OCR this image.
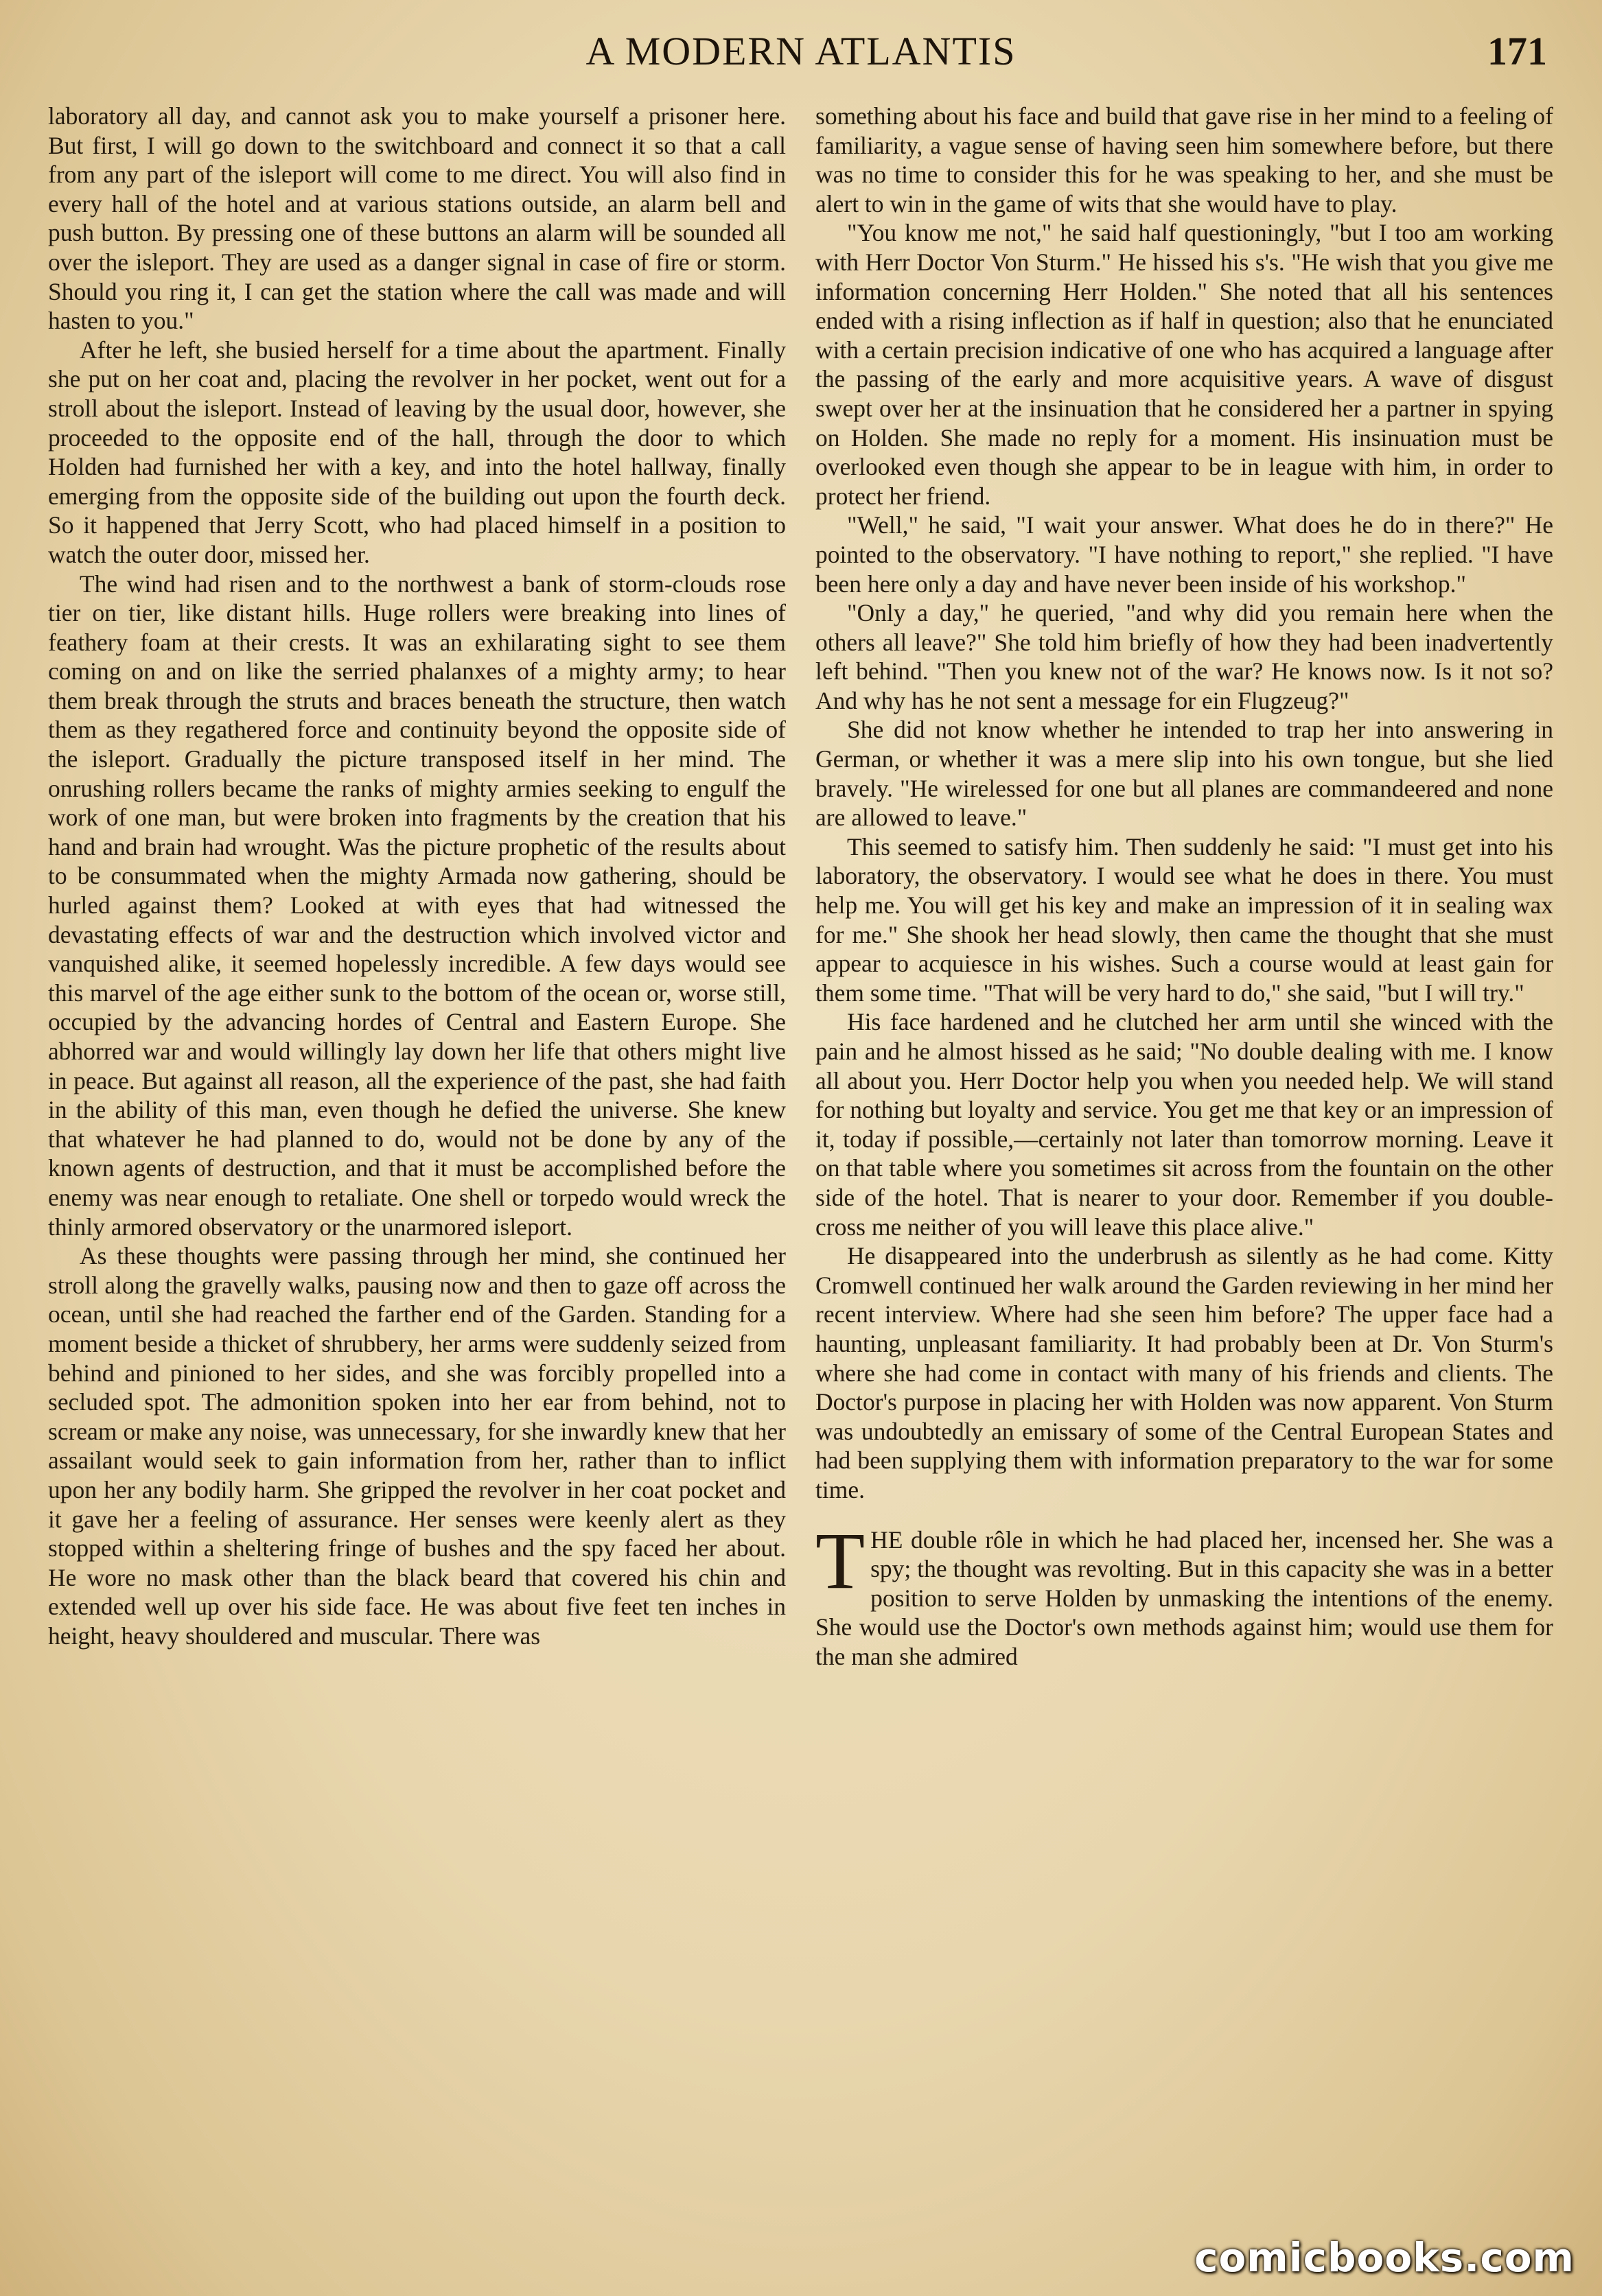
A MODERN ATLANTIS	171

laboratory all day, and cannot ask you to make yourself a prisoner here. But first, I will go down to the switchboard and connect it so that a call from any part of the isleport will come to me direct. You will also find in every hall of the hotel and at various stations outside, an alarm bell and push button. By pressing one of these buttons an alarm will be sounded all over the isleport. They are used as a danger signal in case of fire or storm. Should you ring it, I can get the station where the call was made and will hasten to you."

After he left, she busied herself for a time about the apartment. Finally she put on her coat and, placing the revolver in her pocket, went out for a stroll about the isleport. Instead of leaving by the usual door, however, she proceeded to the opposite end of the hall, through the door to which Holden had furnished her with a key, and into the hotel hallway, finally emerging from the opposite side of the building out upon the fourth deck. So it happened that Jerry Scott, who had placed himself in a position to watch the outer door, missed her.

The wind had risen and to the northwest a bank of storm-clouds rose tier on tier, like distant hills. Huge rollers were breaking into lines of feathery foam at their crests. It was an exhilarating sight to see them coming on and on like the serried phalanxes of a mighty army; to hear them break through the struts and braces beneath the structure, then watch them as they regathered force and continuity beyond the opposite side of the isleport. Gradually the picture transposed itself in her mind. The onrushing rollers became the ranks of mighty armies seeking to engulf the work of one man, but were broken into fragments by the creation that his hand and brain had wrought. Was the picture prophetic of the results about to be consummated when the mighty Armada now gathering, should be hurled against them? Looked at with eyes that had witnessed the devastating effects of war and the destruction which involved victor and vanquished alike, it seemed hopelessly incredible. A few days would see this marvel of the age either sunk to the bottom of the ocean or, worse still, occupied by the advancing hordes of Central and Eastern Europe. She abhorred war and would willingly lay down her life that others might live in peace. But against all reason, all the experience of the past, she had faith in the ability of this man, even though he defied the universe. She knew that whatever he had planned to do, would not be done by any of the known agents of destruction, and that it must be accomplished before the enemy was near enough to retaliate. One shell or torpedo would wreck the thinly armored observatory or the unarmored isleport.

As these thoughts were passing through her mind, she continued her stroll along the gravelly walks, pausing now and then to gaze off across the ocean, until she had reached the farther end of the Garden. Standing for a moment beside a thicket of shrubbery, her arms were suddenly seized from behind and pinioned to her sides, and she was forcibly propelled into a secluded spot. The admonition spoken into her ear from behind, not to scream or make any noise, was unnecessary, for she inwardly knew that her assailant would seek to gain information from her, rather than to inflict upon her any bodily harm. She gripped the revolver in her coat pocket and it gave her a feeling of assurance. Her senses were keenly alert as they stopped within a sheltering fringe of bushes and the spy faced her about. He wore no mask other than the black beard that covered his chin and extended well up over his side face. He was about five feet ten inches in height, heavy shouldered and muscular. There was

something about his face and build that gave rise in her mind to a feeling of familiarity, a vague sense of having seen him somewhere before, but there was no time to consider this for he was speaking to her, and she must be alert to win in the game of wits that she would have to play.

"You know me not," he said half questioningly, "but I too am working with Herr Doctor Von Sturm." He hissed his s's. "He wish that you give me information concerning Herr Holden." She noted that all his sentences ended with a rising inflection as if half in question; also that he enunciated with a certain precision indicative of one who has acquired a language after the passing of the early and more acquisitive years. A wave of disgust swept over her at the insinuation that he considered her a partner in spying on Holden. She made no reply for a moment. His insinuation must be overlooked even though she appear to be in league with him, in order to protect her friend.

"Well," he said, "I wait your answer. What does he do in there?" He pointed to the observatory. "I have nothing to report," she replied. "I have been here only a day and have never been inside of his workshop."

"Only a day," he queried, "and why did you remain here when the others all leave?" She told him briefly of how they had been inadvertently left behind. "Then you knew not of the war? He knows now. Is it not so? And why has he not sent a message for ein Flugzeug?"

She did not know whether he intended to trap her into answering in German, or whether it was a mere slip into his own tongue, but she lied bravely. "He wirelessed for one but all planes are commandeered and none are allowed to leave."

This seemed to satisfy him. Then suddenly he said: "I must get into his laboratory, the observatory. I would see what he does in there. You must help me. You will get his key and make an impression of it in sealing wax for me." She shook her head slowly, then came the thought that she must appear to acquiesce in his wishes. Such a course would at least gain for them some time. "That will be very hard to do," she said, "but I will try."

His face hardened and he clutched her arm until she winced with the pain and he almost hissed as he said; "No double dealing with me. I know all about you. Herr Doctor help you when you needed help. We will stand for nothing but loyalty and service. You get me that key or an impression of it, today if possible,—certainly not later than tomorrow morning. Leave it on that table where you sometimes sit across from the fountain on the other side of the hotel. That is nearer to your door. Remember if you double-cross me neither of you will leave this place alive."

He disappeared into the underbrush as silently as he had come. Kitty Cromwell continued her walk around the Garden reviewing in her mind her recent interview. Where had she seen him before? The upper face had a haunting, unpleasant familiarity. It had probably been at Dr. Von Sturm's where she had come in contact with many of his friends and clients. The Doctor's purpose in placing her with Holden was now apparent. Von Sturm was undoubtedly an emissary of some of the Central European States and had been supplying them with information preparatory to the war for some time.

THE double rôle in which he had placed her, incensed her. She was a spy; the thought was revolting. But in this capacity she was in a better position to serve Holden by unmasking the intentions of the enemy. She would use the Doctor's own methods against him; would use them for the man she admired

comicbooks.com
